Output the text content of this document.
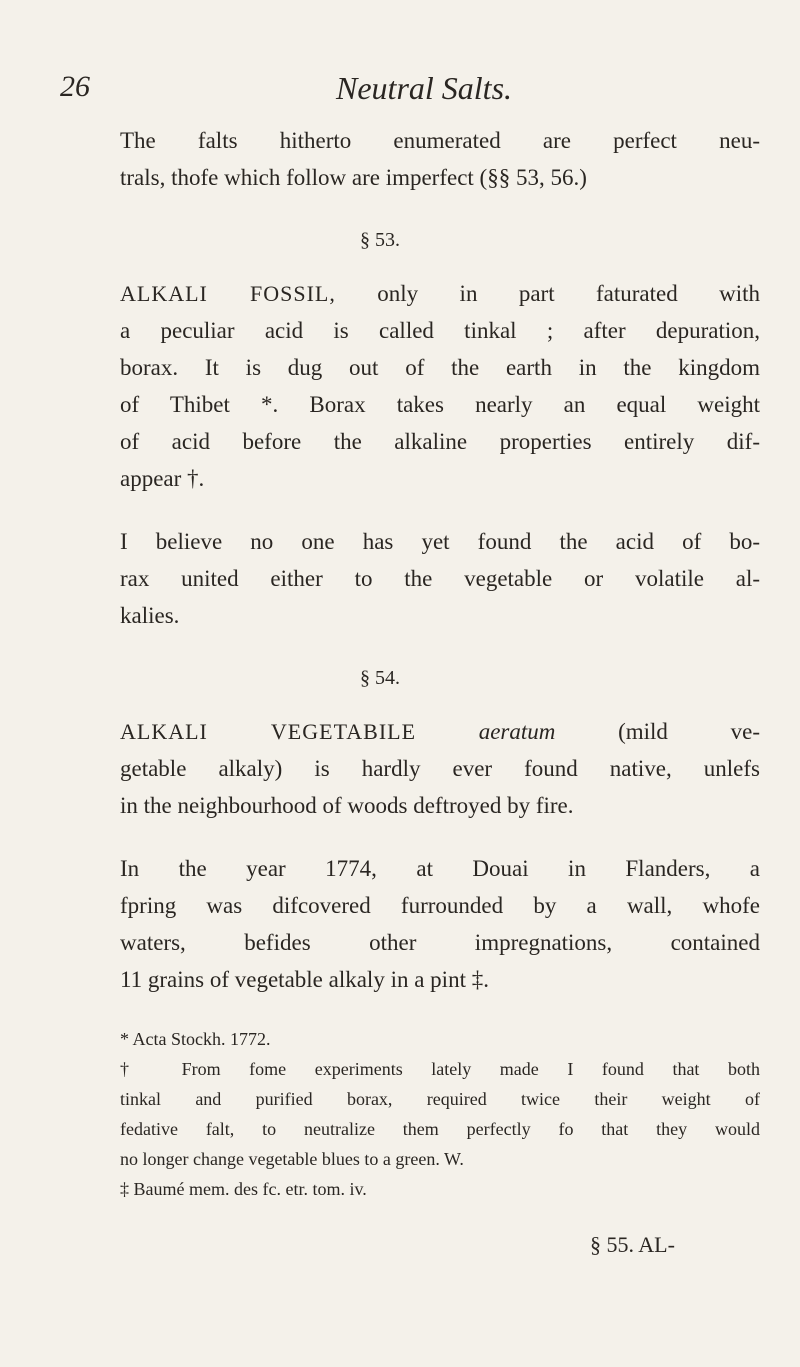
26	Neutral Salts.
The falts hitherto enumerated are perfect neu-
trals, thofe which follow are imperfect (§§ 53, 56.)
§ 53.
ALKALI FOSSIL, only in part faturated with
a peculiar acid is called tinkal ; after depuration,
borax. It is dug out of the earth in the kingdom
of Thibet *. Borax takes nearly an equal weight
of acid before the alkaline properties entirely dif-
appear †.
I believe no one has yet found the acid of bo-
rax united either to the vegetable or volatile al-
kalies.
§ 54.
ALKALI VEGETABILE	aeratum (mild ve-
getable alkaly) is hardly ever found native, unlefs
in the neighbourhood of woods deftroyed by fire.
In the year 1774, at Douai in Flanders, a
fpring was difcovered furrounded by a wall, whofe
waters, befides other impregnations, contained
11 grains of vegetable alkaly in a pint ‡.
* Acta Stockh. 1772.
† From fome experiments lately made I found that both
tinkal and purified borax, required twice their weight of
fedative falt, to neutralize them perfectly fo that they would
no longer change vegetable blues to a green. W.
‡ Baumé mem. des fc. etr. tom. iv.
§ 55. AL-
